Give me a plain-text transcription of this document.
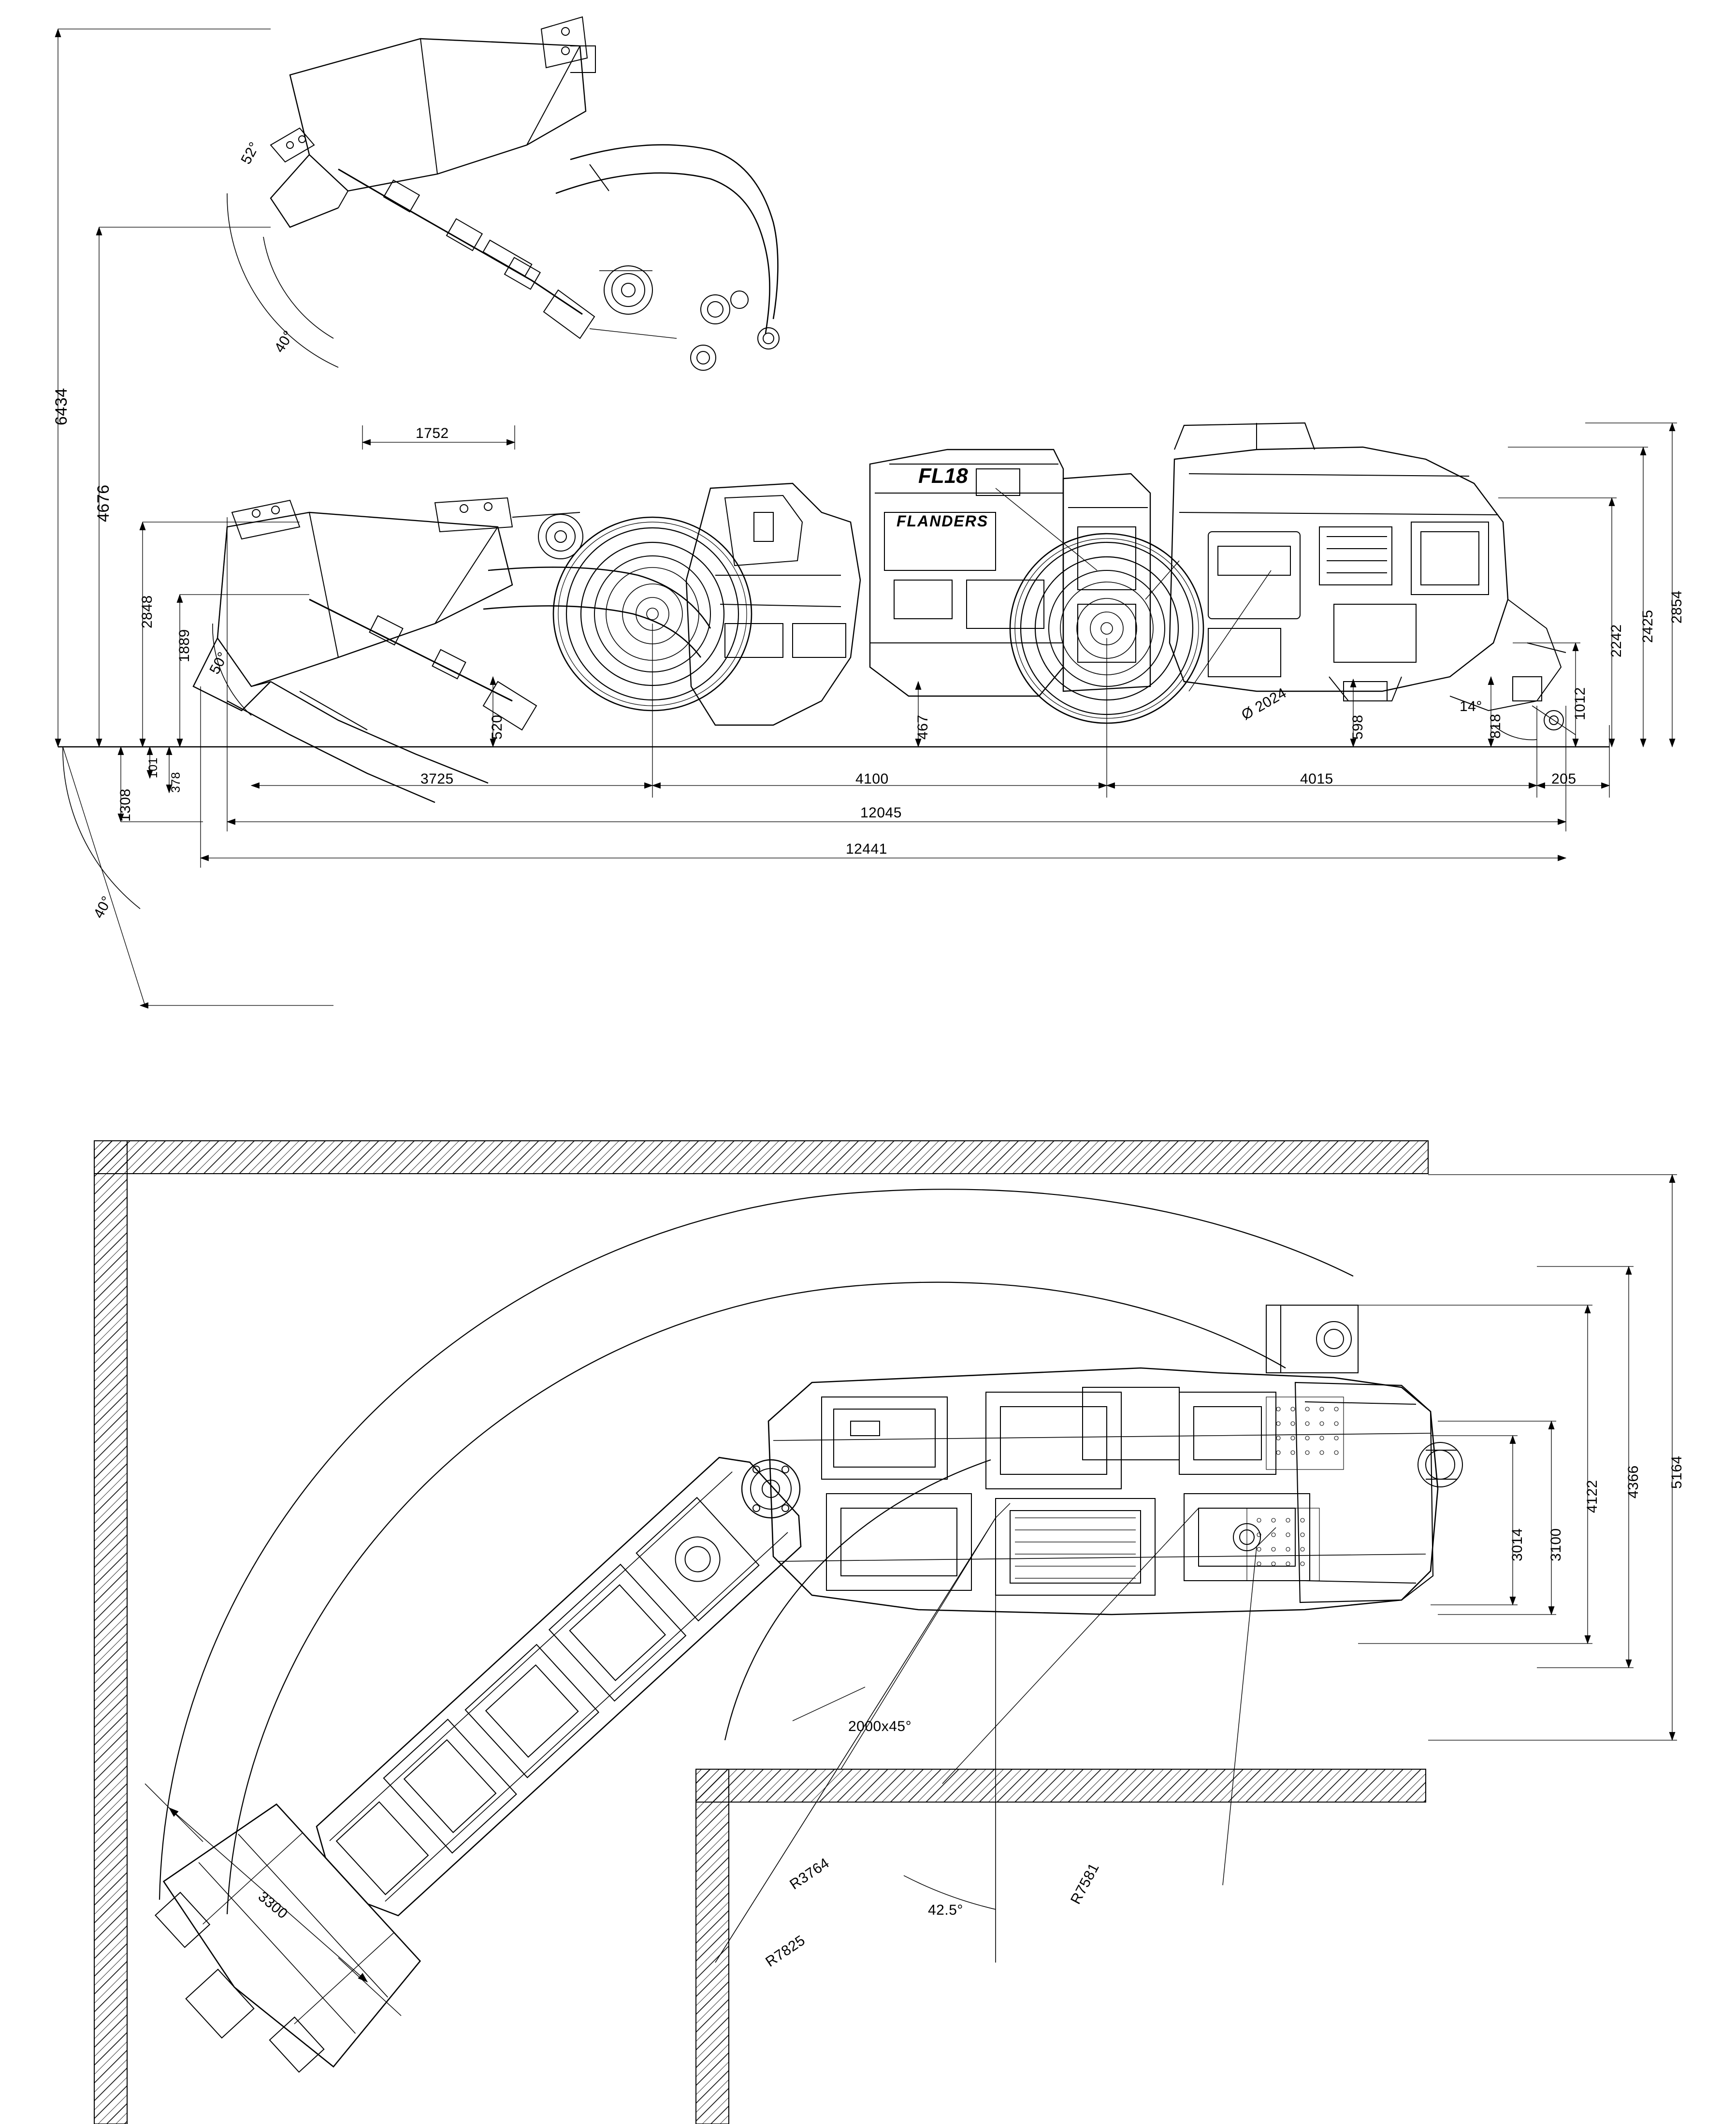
FL18
FLANDERS
6434
4676
2848
1889
1308
378
101
520	467	598	818
1012
2242 2425
2854
1752
3725	4100	4015	205
12045
12441
52°
40°
50°
40°
14°
Ø 2024
3014 3100
4122 4366 5164
R3764
R7825
R7581
42.5°
3300
2000x45°
